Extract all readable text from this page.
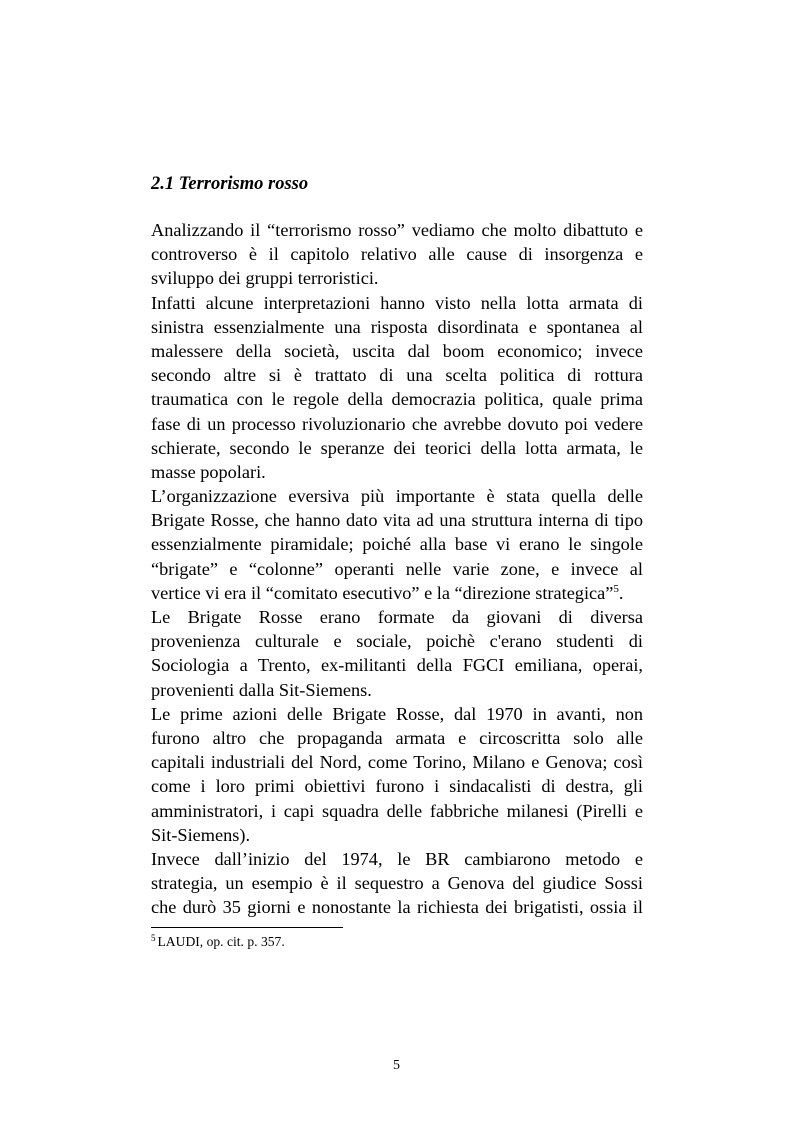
2.1 Terrorismo rosso
Analizzando il “terrorismo rosso” vediamo che molto dibattuto e
controverso è il capitolo relativo alle cause di insorgenza e
sviluppo dei gruppi terroristici.
Infatti alcune interpretazioni hanno visto nella lotta armata di
sinistra essenzialmente una risposta disordinata e spontanea al
malessere della società, uscita dal boom economico; invece
secondo altre si è trattato di una scelta politica di rottura
traumatica con le regole della democrazia politica, quale prima
fase di un processo rivoluzionario che avrebbe dovuto poi vedere
schierate, secondo le speranze dei teorici della lotta armata, le
masse popolari.
L’organizzazione eversiva più importante è stata quella delle
Brigate Rosse, che hanno dato vita ad una struttura interna di tipo
essenzialmente piramidale; poiché alla base vi erano le singole
“brigate” e “colonne” operanti nelle varie zone, e invece al
vertice vi era il “comitato esecutivo” e la “direzione strategica”$^5$.
Le Brigate Rosse erano formate da giovani di diversa
provenienza culturale e sociale, poichè c'erano studenti di
Sociologia a Trento, ex-militanti della FGCI emiliana, operai,
provenienti dalla Sit-Siemens.
Le prime azioni delle Brigate Rosse, dal 1970 in avanti, non
furono altro che propaganda armata e circoscritta solo alle
capitali industriali del Nord, come Torino, Milano e Genova; così
come i loro primi obiettivi furono i sindacalisti di destra, gli
amministratori, i capi squadra delle fabbriche milanesi (Pirelli e
Sit-Siemens).
Invece dall’inizio del 1974, le BR cambiarono metodo e
strategia, un esempio è il sequestro a Genova del giudice Sossi
che durò 35 giorni e nonostante la richiesta dei brigatisti, ossia il

$^5$ LAUDI, op. cit. p. 357.

5
